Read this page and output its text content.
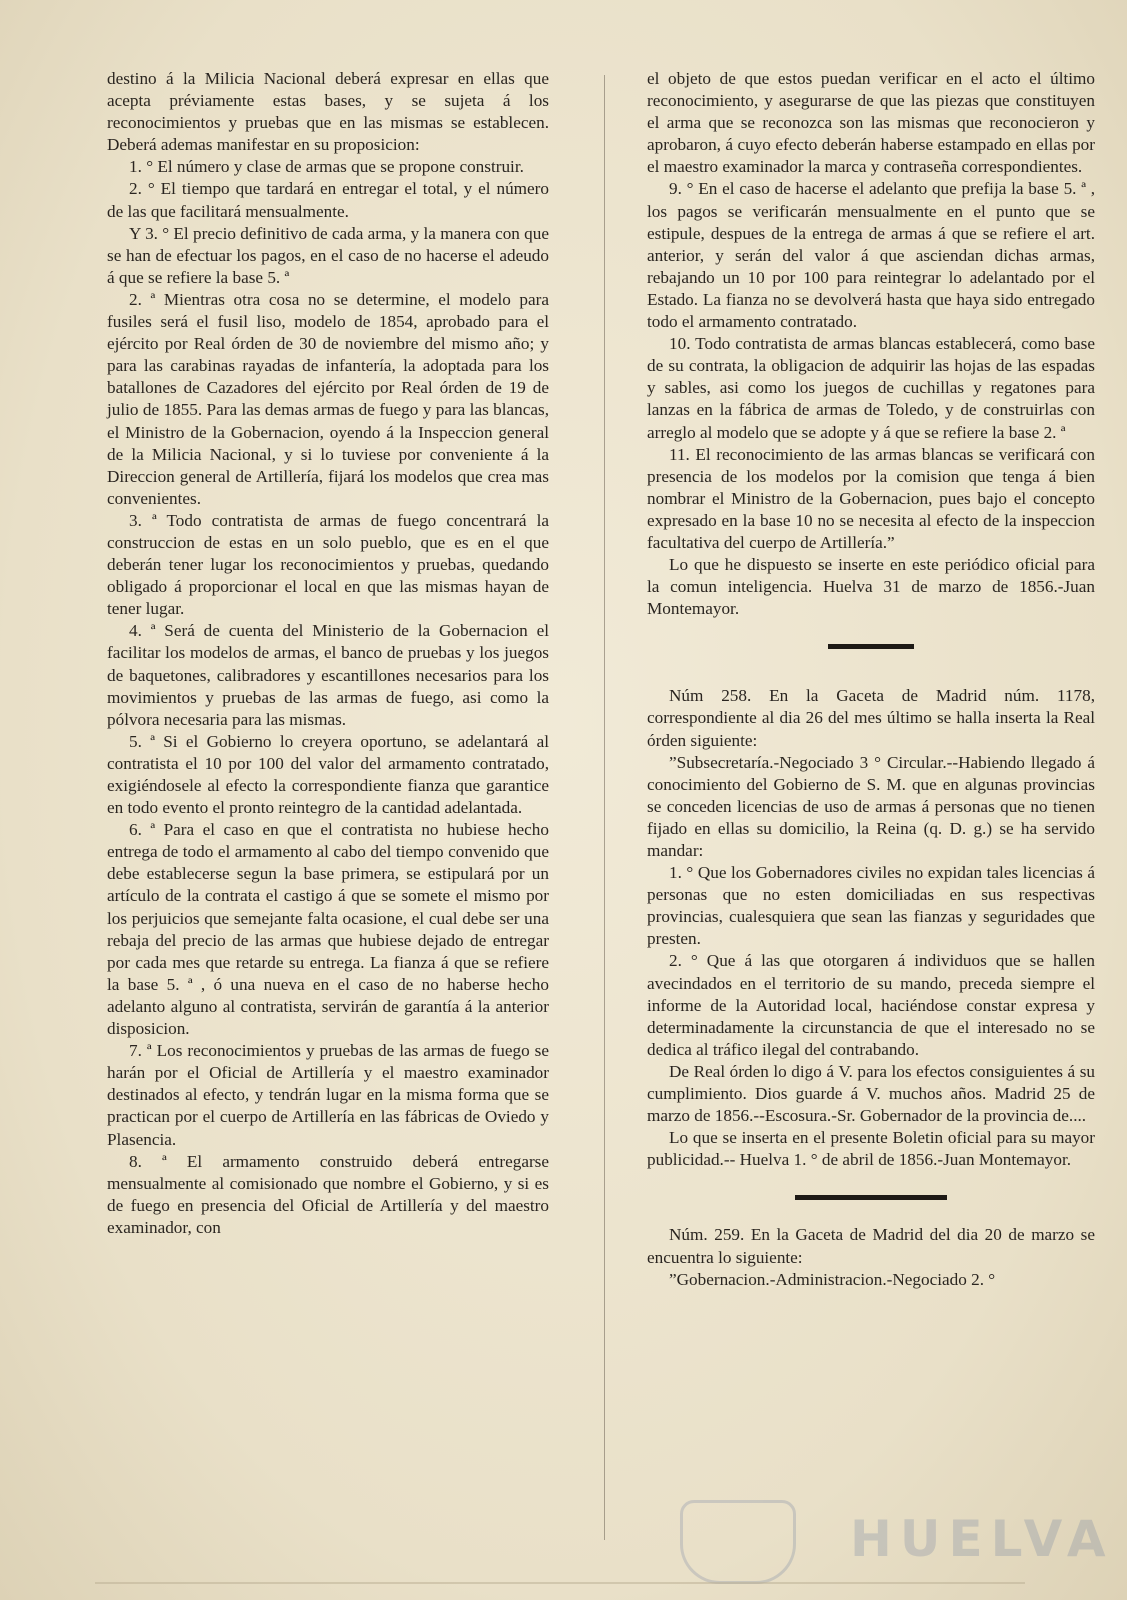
destino á la Milicia Nacional deberá expresar en ellas que acepta préviamente estas bases, y se sujeta á los reconocimientos y pruebas que en las mismas se establecen. Deberá ademas manifestar en su proposicion:

1. ° El número y clase de armas que se propone construir.

2. ° El tiempo que tardará en entregar el total, y el número de las que facilitará mensualmente.

Y 3. ° El precio definitivo de cada arma, y la manera con que se han de efectuar los pagos, en el caso de no hacerse el adeudo á que se refiere la base 5. ª

2. ª Mientras otra cosa no se determine, el modelo para fusiles será el fusil liso, modelo de 1854, aprobado para el ejército por Real órden de 30 de noviembre del mismo año; y para las carabinas rayadas de infantería, la adoptada para los batallones de Cazadores del ejército por Real órden de 19 de julio de 1855. Para las demas armas de fuego y para las blancas, el Ministro de la Gobernacion, oyendo á la Inspeccion general de la Milicia Nacional, y si lo tuviese por conveniente á la Direccion general de Artillería, fijará los modelos que crea mas convenientes.

3. ª Todo contratista de armas de fuego concentrará la construccion de estas en un solo pueblo, que es en el que deberán tener lugar los reconocimientos y pruebas, quedando obligado á proporcionar el local en que las mismas hayan de tener lugar.

4. ª Será de cuenta del Ministerio de la Gobernacion el facilitar los modelos de armas, el banco de pruebas y los juegos de baquetones, calibradores y escantillones necesarios para los movimientos y pruebas de las armas de fuego, asi como la pólvora necesaria para las mismas.

5. ª Si el Gobierno lo creyera oportuno, se adelantará al contratista el 10 por 100 del valor del armamento contratado, exigiéndosele al efecto la correspondiente fianza que garantice en todo evento el pronto reintegro de la cantidad adelantada.

6. ª Para el caso en que el contratista no hubiese hecho entrega de todo el armamento al cabo del tiempo convenido que debe establecerse segun la base primera, se estipulará por un artículo de la contrata el castigo á que se somete el mismo por los perjuicios que semejante falta ocasione, el cual debe ser una rebaja del precio de las armas que hubiese dejado de entregar por cada mes que retarde su entrega. La fianza á que se refiere la base 5. ª , ó una nueva en el caso de no haberse hecho adelanto alguno al contratista, servirán de garantía á la anterior disposicion.

7. ª Los reconocimientos y pruebas de las armas de fuego se harán por el Oficial de Artillería y el maestro examinador destinados al efecto, y tendrán lugar en la misma forma que se practican por el cuerpo de Artillería en las fábricas de Oviedo y Plasencia.

8. ª El armamento construido deberá entregarse mensualmente al comisionado que nombre el Gobierno, y si es de fuego en presencia del Oficial de Artillería y del maestro examinador, con

el objeto de que estos puedan verificar en el acto el último reconocimiento, y asegurarse de que las piezas que constituyen el arma que se reconozca son las mismas que reconocieron y aprobaron, á cuyo efecto deberán haberse estampado en ellas por el maestro examinador la marca y contraseña correspondientes.

9. ° En el caso de hacerse el adelanto que prefija la base 5. ª , los pagos se verificarán mensualmente en el punto que se estipule, despues de la entrega de armas á que se refiere el art. anterior, y serán del valor á que asciendan dichas armas, rebajando un 10 por 100 para reintegrar lo adelantado por el Estado. La fianza no se devolverá hasta que haya sido entregado todo el armamento contratado.

10. Todo contratista de armas blancas establecerá, como base de su contrata, la obligacion de adquirir las hojas de las espadas y sables, asi como los juegos de cuchillas y regatones para lanzas en la fábrica de armas de Toledo, y de construirlas con arreglo al modelo que se adopte y á que se refiere la base 2. ª

11. El reconocimiento de las armas blancas se verificará con presencia de los modelos por la comision que tenga á bien nombrar el Ministro de la Gobernacion, pues bajo el concepto expresado en la base 10 no se necesita al efecto de la inspeccion facultativa del cuerpo de Artillería.”

Lo que he dispuesto se inserte en este periódico oficial para la comun inteligencia. Huelva 31 de marzo de 1856.-Juan Montemayor.

Núm 258. En la Gaceta de Madrid núm. 1178, correspondiente al dia 26 del mes último se halla inserta la Real órden siguiente:

”Subsecretaría.-Negociado 3 ° Circular.--Habiendo llegado á conocimiento del Gobierno de S. M. que en algunas provincias se conceden licencias de uso de armas á personas que no tienen fijado en ellas su domicilio, la Reina (q. D. g.) se ha servido mandar:

1. ° Que los Gobernadores civiles no expidan tales licencias á personas que no esten domiciliadas en sus respectivas provincias, cualesquiera que sean las fianzas y seguridades que presten.

2. ° Que á las que otorgaren á individuos que se hallen avecindados en el territorio de su mando, preceda siempre el informe de la Autoridad local, haciéndose constar expresa y determinadamente la circunstancia de que el interesado no se dedica al tráfico ilegal del contrabando.

De Real órden lo digo á V. para los efectos consiguientes á su cumplimiento. Dios guarde á V. muchos años. Madrid 25 de marzo de 1856.--Escosura.-Sr. Gobernador de la provincia de....

Lo que se inserta en el presente Boletin oficial para su mayor publicidad.-- Huelva 1. ° de abril de 1856.-Juan Montemayor.

Núm. 259. En la Gaceta de Madrid del dia 20 de marzo se encuentra lo siguiente:

”Gobernacion.-Administracion.-Negociado 2. °

HUELVA
